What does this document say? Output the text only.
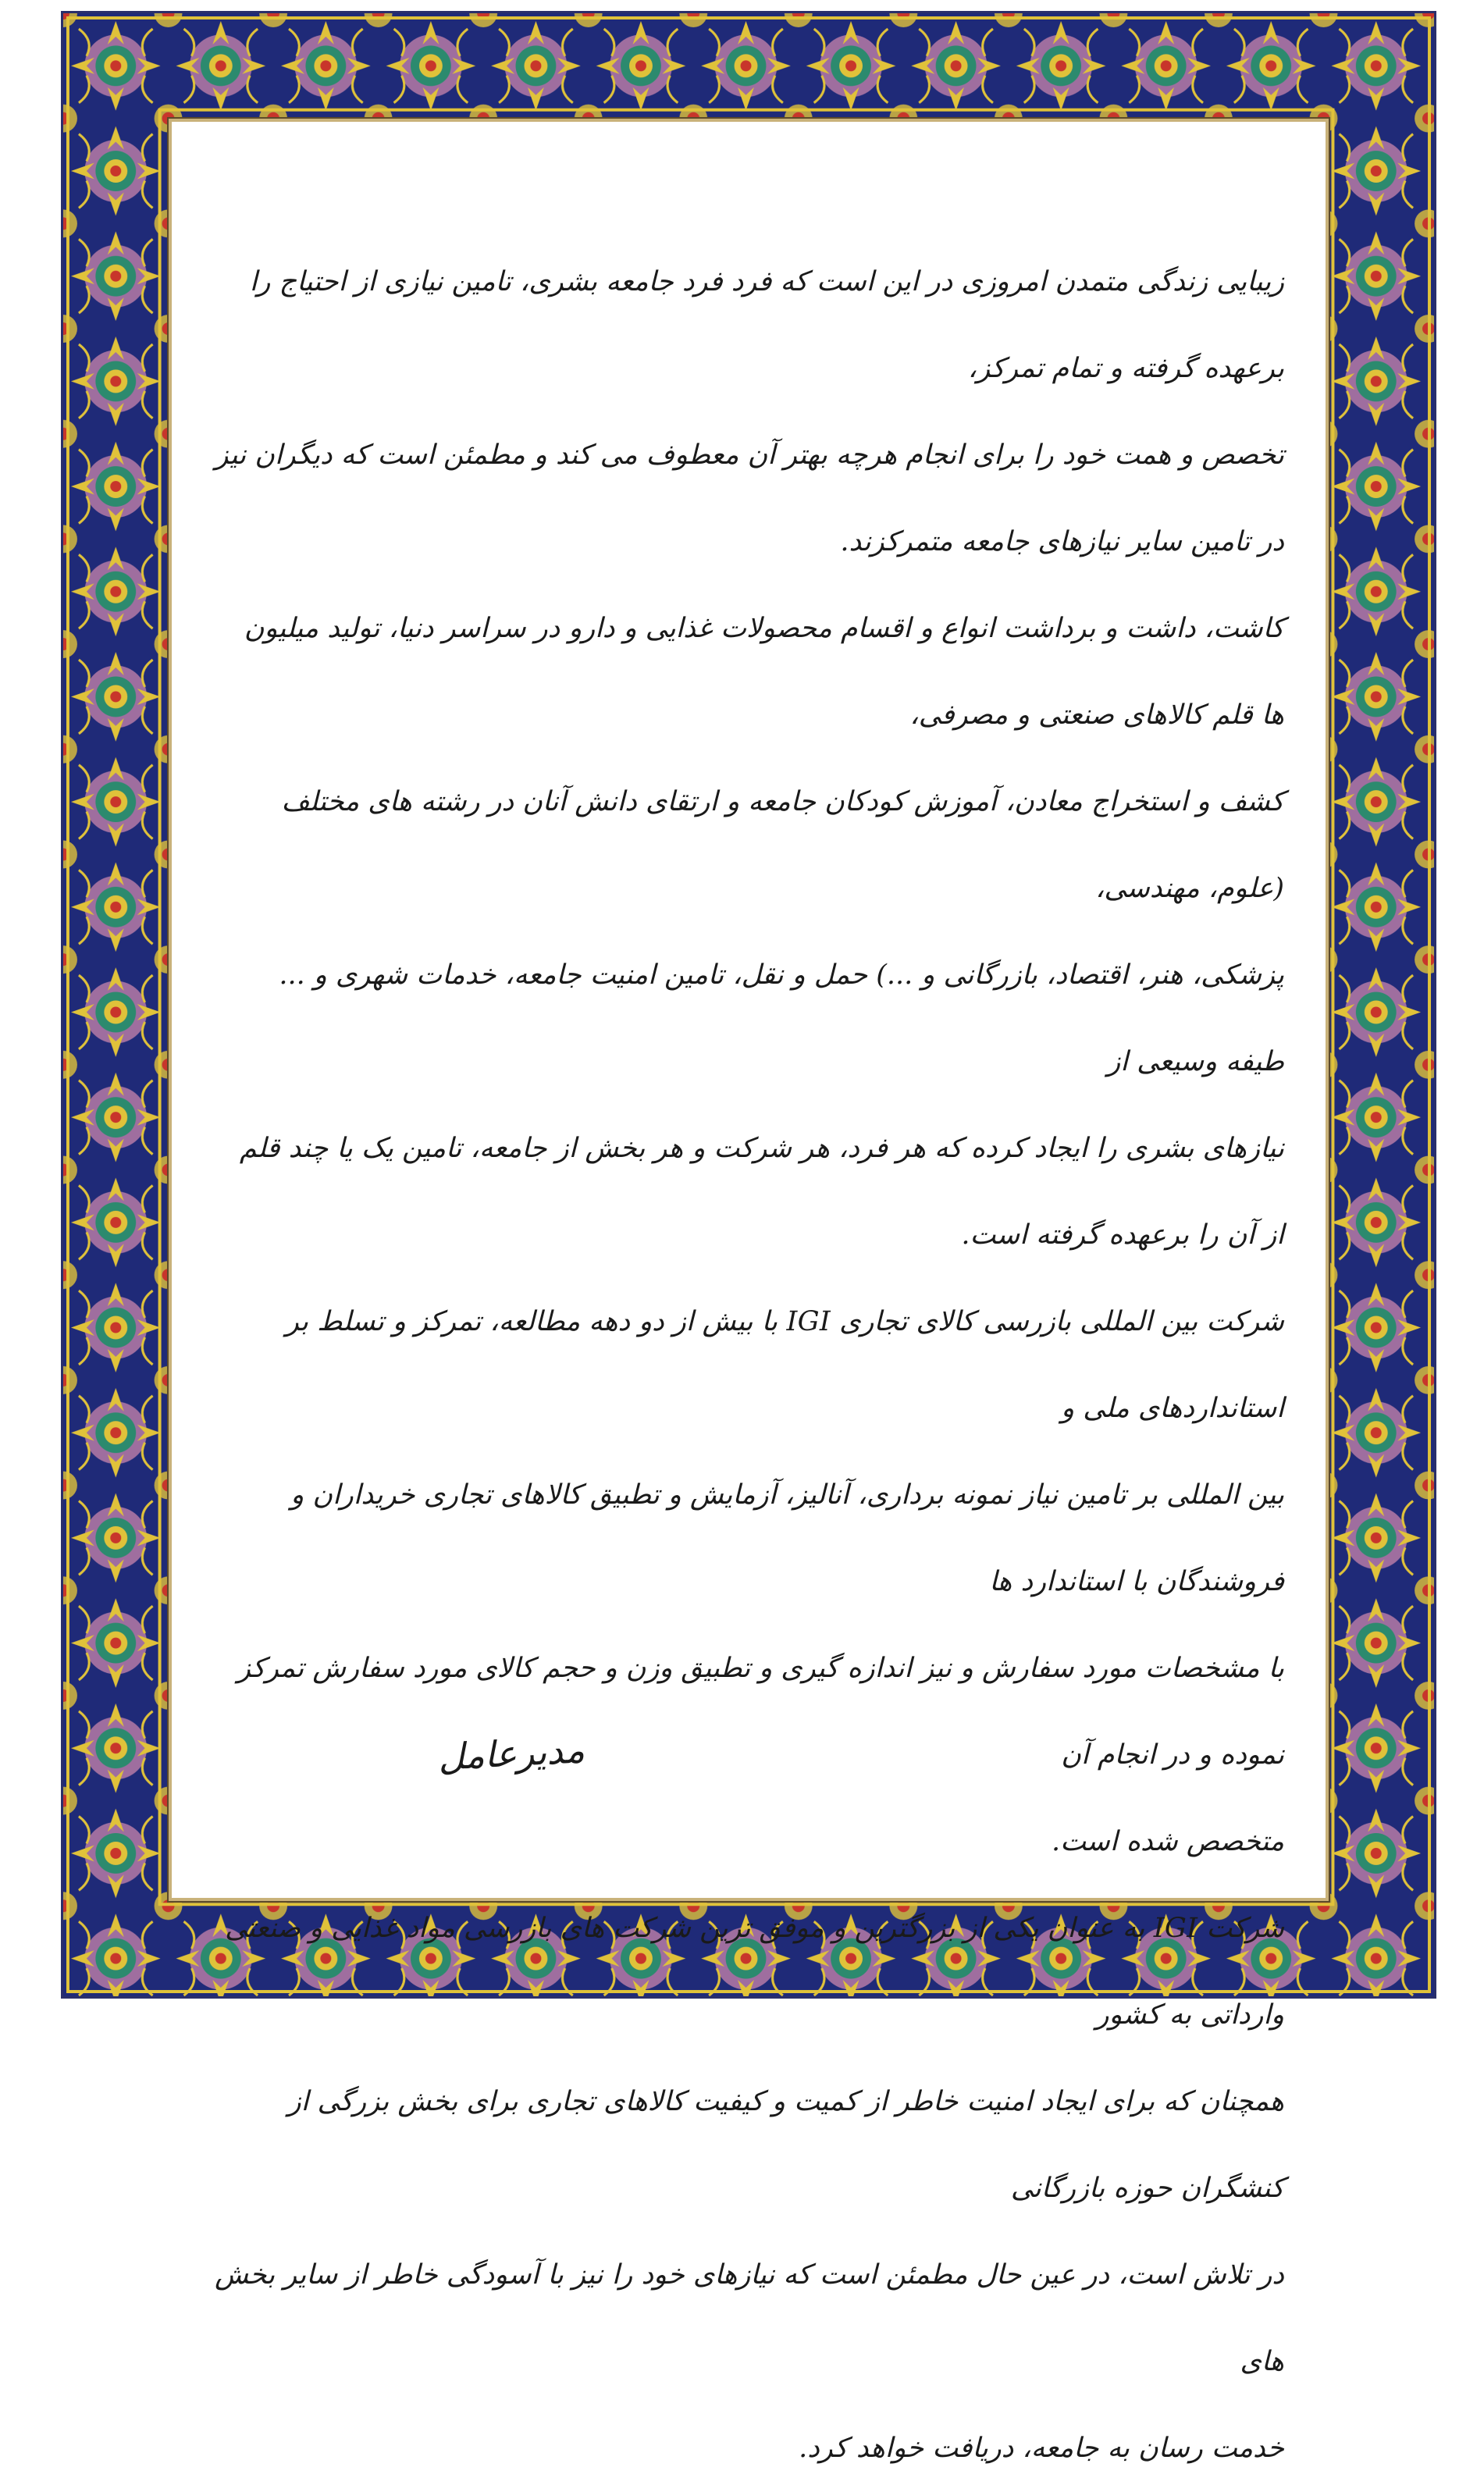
زیبایی زندگی متمدن امروزی در این است که فرد فرد جامعه بشری، تامین نیازی از احتیاج را برعهده گرفته و تمام تمرکز،
تخصص و همت خود را برای انجام هرچه بهتر آن معطوف می کند و مطمئن است که دیگران نیز در تامین سایر نیازهای جامعه متمرکزند.
کاشت، داشت و برداشت انواع و اقسام محصولات غذایی و دارو در سراسر دنیا، تولید میلیون ها قلم کالاهای صنعتی و مصرفی،
کشف و استخراج معادن، آموزش کودکان جامعه و ارتقای دانش آنان در رشته های مختلف (علوم، مهندسی،
پزشکی، هنر، اقتصاد، بازرگانی و ...) حمل و نقل، تامین امنیت جامعه، خدمات شهری و ... طیفه وسیعی از
نیازهای بشری را ایجاد کرده که هر فرد، هر شرکت و هر بخش از جامعه، تامین یک یا چند قلم از آن را برعهده گرفته است.
شرکت بین المللی بازرسی کالای تجاری IGI با بیش از دو دهه مطالعه، تمرکز و تسلط بر استانداردهای ملی و
بین المللی بر تامین نیاز نمونه برداری، آنالیز، آزمایش و تطبیق کالاهای تجاری خریداران و فروشندگان با استاندارد ها
با مشخصات مورد سفارش و نیز اندازه گیری و تطبیق وزن و حجم کالای مورد سفارش تمرکز نموده و در انجام آن
متخصص شده است.

شرکت IGI به عنوان یکی از بزرگترین و موفق ترین شرکت های بازرسی مواد غذایی و صنعتی وارداتی به کشور
همچنان که برای ایجاد امنیت خاطر از کمیت و کیفیت کالاهای تجاری برای بخش بزرگی از کنشگران حوزه بازرگانی
در تلاش است، در عین حال مطمئن است که نیازهای خود را نیز با آسودگی خاطر از سایر بخش های
خدمت رسان به جامعه، دریافت خواهد کرد.

مدیرعامل
